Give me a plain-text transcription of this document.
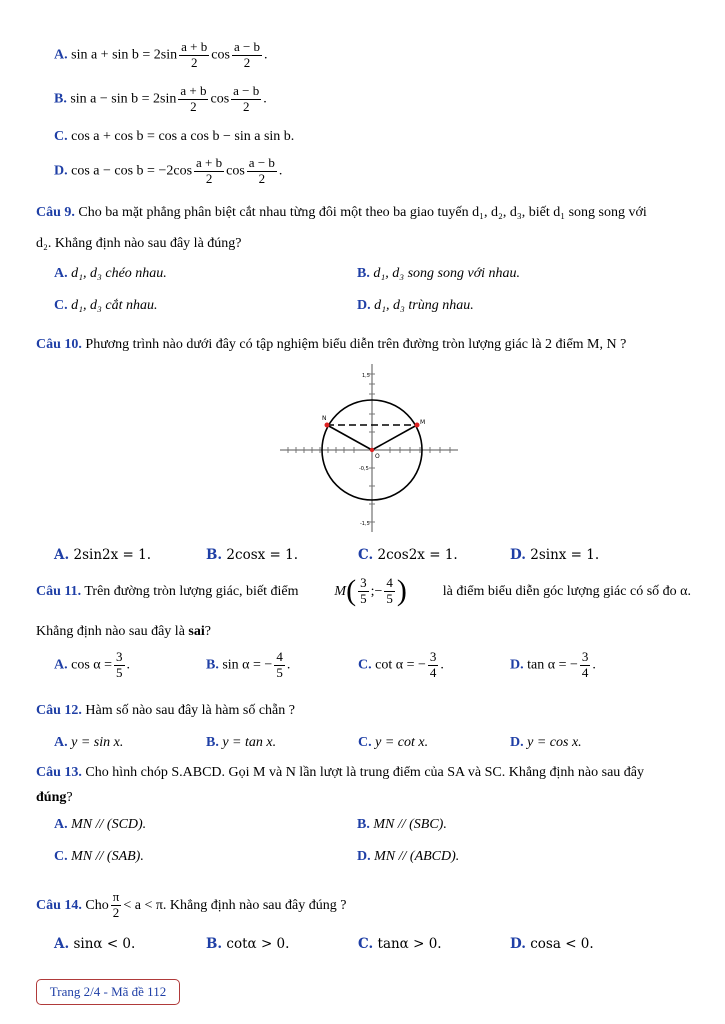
A. $\sin a + \sin b = 2\sin \frac{a + b}{2}$ $\cos \frac{a - b}{2}$ .
B. $\sin a - \sin b = 2\sin \frac{a + b}{2}$ $\cos \frac{a - b}{2}$ .
C. cos a + cos b = cos a cos b − sin a sin b.
D. $\cos a - \cos b = -2\cos \frac{a + b}{2}$ $\cos \frac{a - b}{2}$ .
Câu 9. Cho ba mặt phẳng phân biệt cắt nhau từng đôi một theo ba giao tuyến d₁, d₂, d₃, biết d₁ song song với
d₂. Khẳng định nào sau đây là đúng?
A. d₁, d₃ chéo nhau.	B. d₁, d₃ song song với nhau.
C. d₁, d₃ cắt nhau.	D. d₁, d₃ trùng nhau.
Câu 10. Phương trình nào dưới đây có tập nghiệm biểu diễn trên đường tròn lượng giác là 2 điểm M, N ?
1,5
-0,5
-1,5
O
M
N
A. 2sin2x = 1.	B. 2cosx = 1.	C. 2cos2x = 1.	D. 2sinx = 1.
Câu 11. Trên đường tròn lượng giác, biết điểm	M ( $\frac{3}{5}$ ;− $\frac{4}{5}$ )	là điểm biểu diễn góc lượng giác có số đo α.
Khẳng định nào sau đây là sai?
A. $\cos \alpha = \frac{3}{5}$ .	B. sin α = − $\frac{4}{5}$ .	C. cot α = − $\frac{3}{4}$ .	D. tan α = − $\frac{3}{4}$ .
Câu 12. Hàm số nào sau đây là hàm số chẵn ?
A. y = sin x.	B. y = tan x.	C. y = cot x.	D. y = cos x.
Câu 13. Cho hình chóp S.ABCD. Gọi M và N lần lượt là trung điểm của SA và SC. Khẳng định nào sau đây
đúng?
A. MN // (SCD).	B. MN // (SBC).
C. MN // (SAB).	D. MN // (ABCD).
Câu 14.
Cho $\frac{\pi}{2} < a < \pi$. Khẳng định nào sau đây đúng ?
A. sinα < 0.	B. cotα > 0.	C. tanα > 0.	D. cosa < 0.
Trang 2/4 - Mã đề 112
